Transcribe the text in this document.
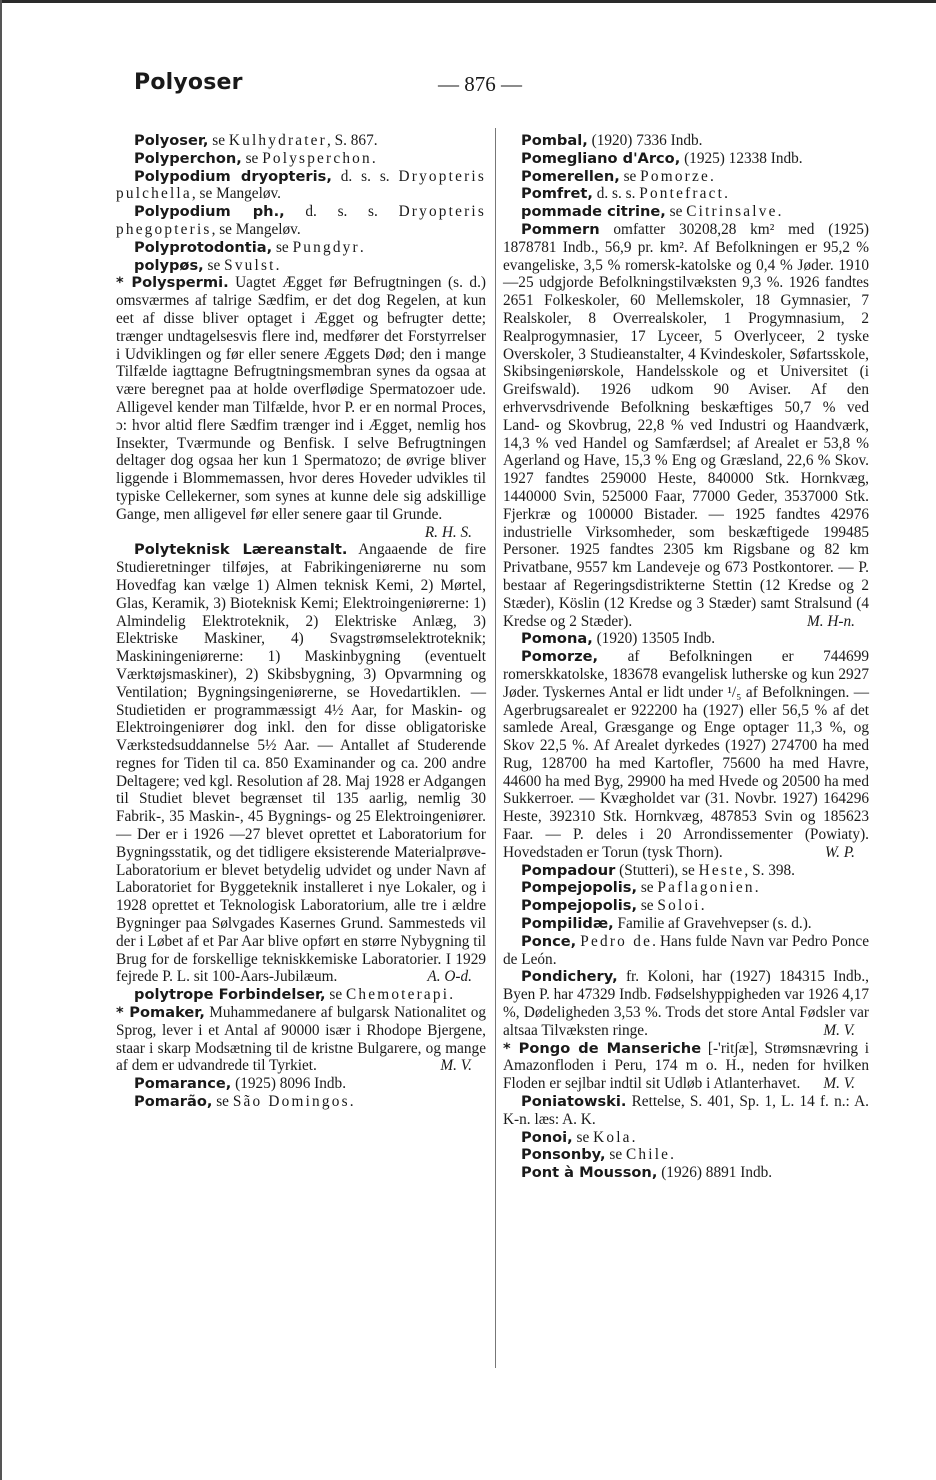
Polyoser	— 876 —

Polyoser, se Kulhydrater, S. 867.

Polyperchon, se Polysperchon.

Polypodium dryopteris, d. s. s. Dryopteris pulchella, se Mangeløv.

Polypodium ph., d. s. s. Dryopteris phegopteris, se Mangeløv.

Polyprotodontia, se Pungdyr.

polypøs, se Svulst.

* Polyspermi. Uagtet Ægget før Befrugtningen (s. d.) omsværmes af talrige Sædfim, er det dog Regelen, at kun eet af disse bliver optaget i Ægget og befrugter dette; trænger undtagelsesvis flere ind, medfører det Forstyrrelser i Udviklingen og før eller senere Æggets Død; den i mange Tilfælde iagttagne Befrugtningsmembran synes da ogsaa at være beregnet paa at holde overflødige Spermatozoer ude. Alligevel kender man Tilfælde, hvor P. er en normal Proces, ɔ: hvor altid flere Sædfim trænger ind i Ægget, nemlig hos Insekter, Tværmunde og Benfisk. I selve Befrugtningen deltager dog ogsaa her kun 1 Spermatozo; de øvrige bliver liggende i Blommemassen, hvor deres Hoveder udvikles til typiske Cellekerner, som synes at kunne dele sig adskillige Gange, men alligevel før eller senere gaar til Grunde.
R. H. S.

Polyteknisk Læreanstalt. Angaaende de fire Studieretninger tilføjes, at Fabrikingeniørerne nu som Hovedfag kan vælge 1) Almen teknisk Kemi, 2) Mørtel, Glas, Keramik, 3) Bioteknisk Kemi; Elektroingeniørerne: 1) Almindelig Elektroteknik, 2) Elektriske Anlæg, 3) Elektriske Maskiner, 4) Svagstrømselektroteknik; Maskiningeniørerne: 1) Maskinbygning (eventuelt Værktøjsmaskiner), 2) Skibsbygning, 3) Opvarmning og Ventilation; Bygningsingeniørerne, se Hovedartiklen. — Studietiden er programmæssigt 4½ Aar, for Maskin- og Elektroingeniører dog inkl. den for disse obligatoriske Værkstedsuddannelse 5½ Aar. — Antallet af Studerende regnes for Tiden til ca. 850 Examinander og ca. 200 andre Deltagere; ved kgl. Resolution af 28. Maj 1928 er Adgangen til Studiet blevet begrænset til 135 aarlig, nemlig 30 Fabrik-, 35 Maskin-, 45 Bygnings- og 25 Elektroingeniører. — Der er i 1926 —27 blevet oprettet et Laboratorium for Bygningsstatik, og det tidligere eksisterende Materialprøve-Laboratorium er blevet betydelig udvidet og under Navn af Laboratoriet for Byggeteknik installeret i nye Lokaler, og i 1928 oprettet et Teknologisk Laboratorium, alle tre i ældre Bygninger paa Sølvgades Kasernes Grund. Sammesteds vil der i Løbet af et Par Aar blive opført en større Nybygning til Brug for de forskellige tekniskkemiske Laboratorier. I 1929 fejrede P. L. sit 100-Aars-Jubilæum.	A. O-d.

polytrope Forbindelser, se Chemoterapi.

* Pomaker, Muhammedanere af bulgarsk Nationalitet og Sprog, lever i et Antal af 90000 især i Rhodope Bjergene, staar i skarp Modsætning til de kristne Bulgarere, og mange af dem er udvandrede til Tyrkiet.	M. V.

Pomarance, (1925) 8096 Indb.

Pomarão, se São Domingos.

Pombal, (1920) 7336 Indb.

Pomegliano d'Arco, (1925) 12338 Indb.

Pomerellen, se Pomorze.

Pomfret, d. s. s. Pontefract.

pommade citrine, se Citrinsalve.

Pommern omfatter 30208,28 km² med (1925) 1878781 Indb., 56,9 pr. km². Af Befolkningen er 95,2 % evangeliske, 3,5 % romersk-katolske og 0,4 % Jøder. 1910—25 udgjorde Befolkningstilvæksten 9,3 %. 1926 fandtes 2651 Folkeskoler, 60 Mellemskoler, 18 Gymnasier, 7 Realskoler, 8 Overrealskoler, 1 Progymnasium, 2 Realprogymnasier, 17 Lyceer, 5 Overlyceer, 2 tyske Overskoler, 3 Studieanstalter, 4 Kvindeskoler, Søfartsskole, Skibsingeniørskole, Handelsskole og et Universitet (i Greifswald). 1926 udkom 90 Aviser. Af den erhvervsdrivende Befolkning beskæftiges 50,7 % ved Land- og Skovbrug, 22,8 % ved Industri og Haandværk, 14,3 % ved Handel og Samfærdsel; af Arealet er 53,8 % Agerland og Have, 15,3 % Eng og Græsland, 22,6 % Skov. 1927 fandtes 259000 Heste, 840000 Stk. Hornkvæg, 1440000 Svin, 525000 Faar, 77000 Geder, 3537000 Stk. Fjerkræ og 100000 Bistader. — 1925 fandtes 42976 industrielle Virksomheder, som beskæftigede 199485 Personer. 1925 fandtes 2305 km Rigsbane og 82 km Privatbane, 9557 km Landeveje og 673 Postkontorer. — P. bestaar af Regeringsdistrikterne Stettin (12 Kredse og 2 Stæder), Köslin (12 Kredse og 3 Stæder) samt Stralsund (4 Kredse og 2 Stæder).	M. H-n.

Pomona, (1920) 13505 Indb.

Pomorze, af Befolkningen er 744699 romerskkatolske, 183678 evangelisk lutherske og kun 2927 Jøder. Tyskernes Antal er lidt under ¹/₅ af Befolkningen. — Agerbrugsarealet er 922200 ha (1927) eller 56,5 % af det samlede Areal, Græsgange og Enge optager 11,3 %, og Skov 22,5 %. Af Arealet dyrkedes (1927) 274700 ha med Rug, 128700 ha med Kartofler, 75600 ha med Havre, 44600 ha med Byg, 29900 ha med Hvede og 20500 ha med Sukkerroer. — Kvægholdet var (31. Novbr. 1927) 164296 Heste, 392310 Stk. Hornkvæg, 487853 Svin og 185623 Faar. — P. deles i 20 Arrondissementer (Powiaty). Hovedstaden er Torun (tysk Thorn).	W. P.

Pompadour (Stutteri), se Heste, S. 398.

Pompejopolis, se Paflagonien.

Pompejopolis, se Soloi.

Pompilidæ, Familie af Gravehvepser (s. d.).

Ponce, Pedro de. Hans fulde Navn var Pedro Ponce de León.

Pondichery, fr. Koloni, har (1927) 184315 Indb., Byen P. har 47329 Indb. Fødselshyppigheden var 1926 4,17 %, Dødeligheden 3,53 %. Trods det store Antal Fødsler var altsaa Tilvæksten ringe.	M. V.

* Pongo de Manseriche [-'rit∫æ], Strømsnævring i Amazonfloden i Peru, 174 m o. H., neden for hvilken Floden er sejlbar indtil sit Udløb i Atlanterhavet. M. V.

Poniatowski. Rettelse, S. 401, Sp. 1, L. 14 f. n.: A. K-n. læs: A. K.

Ponoi, se Kola.

Ponsonby, se Chile.

Pont à Mousson, (1926) 8891 Indb.
